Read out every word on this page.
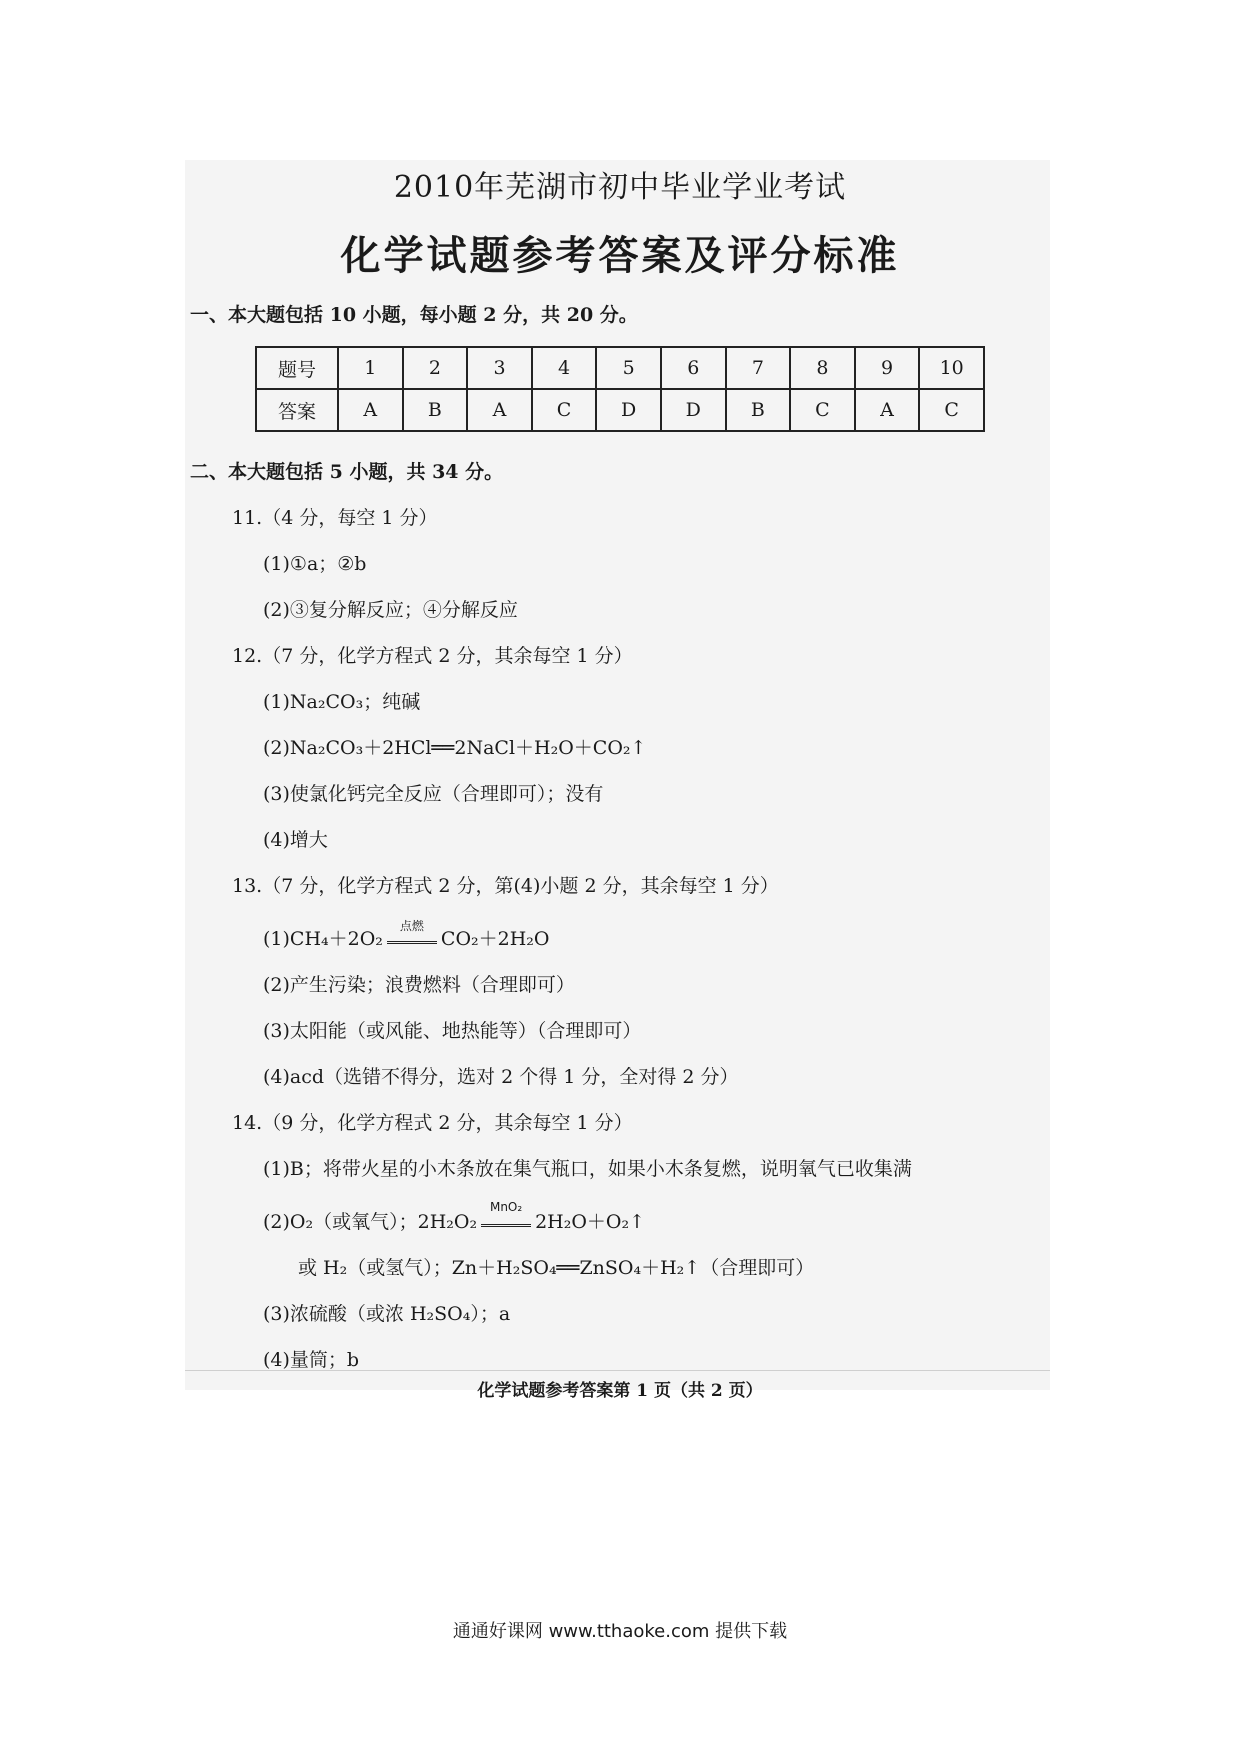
2010年芜湖市初中毕业学业考试
化学试题参考答案及评分标准
一、本大题包括 10 小题，每小题 2 分，共 20 分。
题号	1	2	3	4	5	6	7	8	9	10
答案	A	B	A	C	D	D	B	C	A	C
二、本大题包括 5 小题，共 34 分。
11.（4 分，每空 1 分）
(1)①a；②b
(2)③复分解反应；④分解反应
12.（7 分，化学方程式 2 分，其余每空 1 分）
(1)Na₂CO₃；纯碱
(2)Na₂CO₃＋2HCl══2NaCl＋H₂O＋CO₂↑
(3)使氯化钙完全反应（合理即可）；没有
(4)增大
13.（7 分，化学方程式 2 分，第(4)小题 2 分，其余每空 1 分）
(1)CH₄＋2O₂
点燃
CO₂＋2H₂O
(2)产生污染；浪费燃料（合理即可）
(3)太阳能（或风能、地热能等）（合理即可）
(4)acd（选错不得分，选对 2 个得 1 分，全对得 2 分）
14.（9 分，化学方程式 2 分，其余每空 1 分）
(1)B；将带火星的小木条放在集气瓶口，如果小木条复燃，说明氧气已收集满
(2)O₂（或氧气）；2H₂O₂
MnO₂
2H₂O＋O₂↑
或 H₂（或氢气）；Zn＋H₂SO₄══ZnSO₄＋H₂↑（合理即可）
(3)浓硫酸（或浓 H₂SO₄）；a
(4)量筒；b
化学试题参考答案第 1 页（共 2 页）
通通好课网 www.tthaoke.com 提供下载
